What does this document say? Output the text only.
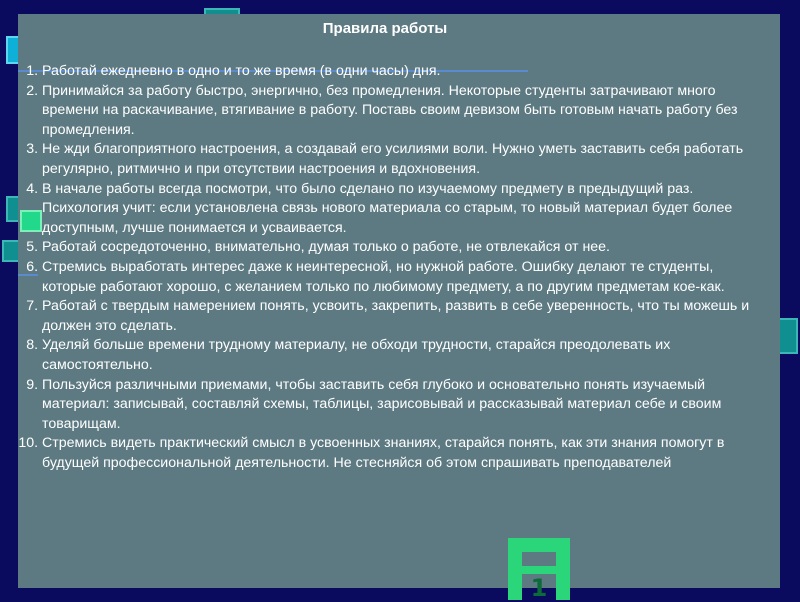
Правила работы
1. Работай ежедневно в одно и то же время (в одни часы) дня.
2. Принимайся за работу быстро, энергично, без промедления. Некоторые студенты затрачивают много времени на раскачивание, втягивание в работу. Поставь своим девизом быть готовым начать работу без промедления.
3. Не жди благоприятного настроения, а создавай его усилиями воли. Нужно уметь заставить себя работать регулярно, ритмично и при отсутствии настроения и вдохновения.
4. В начале работы всегда посмотри, что было сделано по изучаемому предмету в предыдущий раз. Психология учит: если установлена связь нового материала со старым, то новый материал будет более доступным, лучше понимается и усваивается.
5. Работай сосредоточенно, внимательно, думая только о работе, не отвлекайся от нее.
6. Стремись выработать интерес даже к неинтересной, но нужной работе. Ошибку делают те студенты, которые работают хорошо, с желанием только по любимому предмету, а по другим предметам кое-как.
7. Работай с твердым намерением понять, усвоить, закрепить, развить в себе уверенность, что ты можешь и должен это сделать.
8. Уделяй больше времени трудному материалу, не обходи трудности, старайся преодолевать их самостоятельно.
9. Пользуйся различными приемами, чтобы заставить себя глубоко и основательно понять изучаемый материал: записывай, составляй схемы, таблицы, зарисовывай и рассказывай материал себе и своим товарищам.
10. Стремись видеть практический смысл в усвоенных знаниях, старайся понять, как эти знания помогут в будущей профессиональной деятельности. Не стесняйся об этом спрашивать преподавателей
1
